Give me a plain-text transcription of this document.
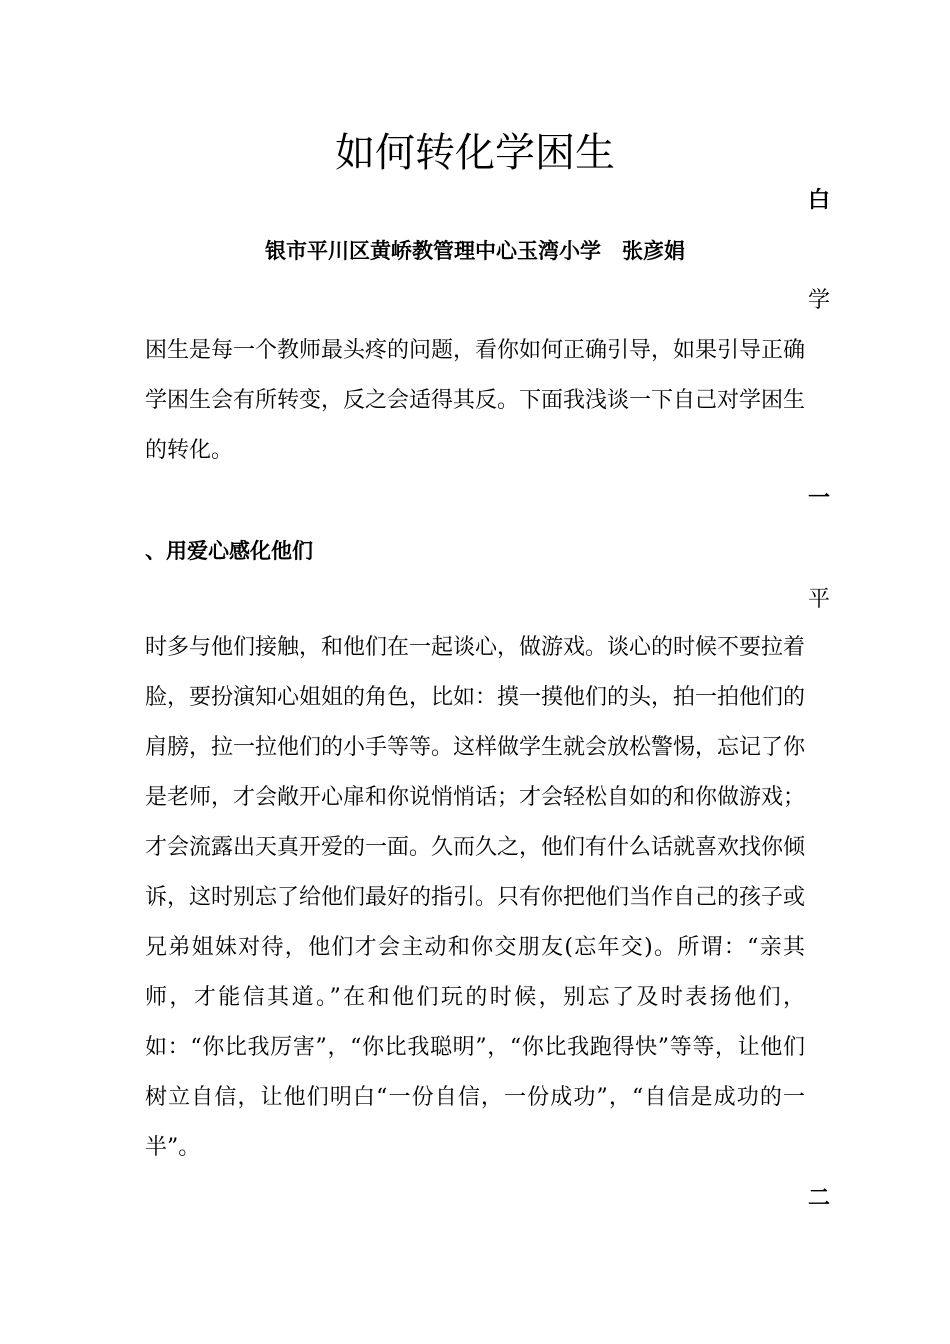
如何转化学困生
白
银市平川区黄峤教管理中心玉湾小学　张彦娟
学

困生是每一个教师最头疼的问题，看你如何正确引导，如果引导正确学困生会有所转变，反之会适得其反。下面我浅谈一下自己对学困生的转化。

一
、用爱心感化他们
平

时多与他们接触，和他们在一起谈心，做游戏。谈心的时候不要拉着脸，要扮演知心姐姐的角色，比如：摸一摸他们的头，拍一拍他们的肩膀，拉一拉他们的小手等等。这样做学生就会放松警惕，忘记了你是老师，才会敞开心扉和你说悄悄话；才会轻松自如的和你做游戏；才会流露出天真开爱的一面。久而久之，他们有什么话就喜欢找你倾诉，这时别忘了给他们最好的指引。只有你把他们当作自己的孩子或兄弟姐妹对待，他们才会主动和你交朋友(忘年交)。所谓：“亲其师，才能信其道。”在和他们玩的时候，别忘了及时表扬他们，如：“你比我厉害”，“你比我聪明”，“你比我跑得快”等等，让他们树立自信，让他们明白“一份自信，一份成功”，“自信是成功的一半”。

二
